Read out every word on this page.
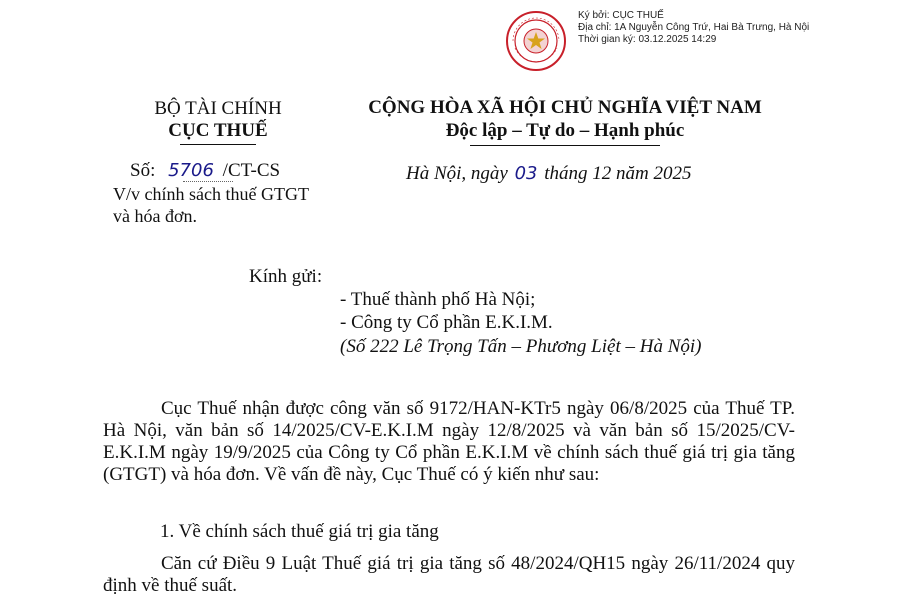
Ký bởi: CỤC THUẾ
Địa chỉ: 1A Nguyễn Công Trứ, Hai Bà Trưng, Hà Nội
Thời gian ký: 03.12.2025 14:29
BỘ TÀI CHÍNH
CỤC THUẾ
Số: 5706 /CT-CS
V/v chính sách thuế GTGT
và hóa đơn.
CỘNG HÒA XÃ HỘI CHỦ NGHĨA VIỆT NAM
Độc lập – Tự do – Hạnh phúc
Hà Nội, ngày 03 tháng 12 năm 2025
Kính gửi:
- Thuế thành phố Hà Nội;
- Công ty Cổ phần E.K.I.M.
(Số 222 Lê Trọng Tấn – Phương Liệt – Hà Nội)
Cục Thuế nhận được công văn số 9172/HAN-KTr5 ngày 06/8/2025 của Thuế TP. Hà Nội, văn bản số 14/2025/CV-E.K.I.M ngày 12/8/2025 và văn bản số 15/2025/CV-E.K.I.M ngày 19/9/2025 của Công ty Cổ phần E.K.I.M về chính sách thuế giá trị gia tăng (GTGT) và hóa đơn. Về vấn đề này, Cục Thuế có ý kiến như sau:
1. Về chính sách thuế giá trị gia tăng
Căn cứ Điều 9 Luật Thuế giá trị gia tăng số 48/2024/QH15 ngày 26/11/2024 quy định về thuế suất.
